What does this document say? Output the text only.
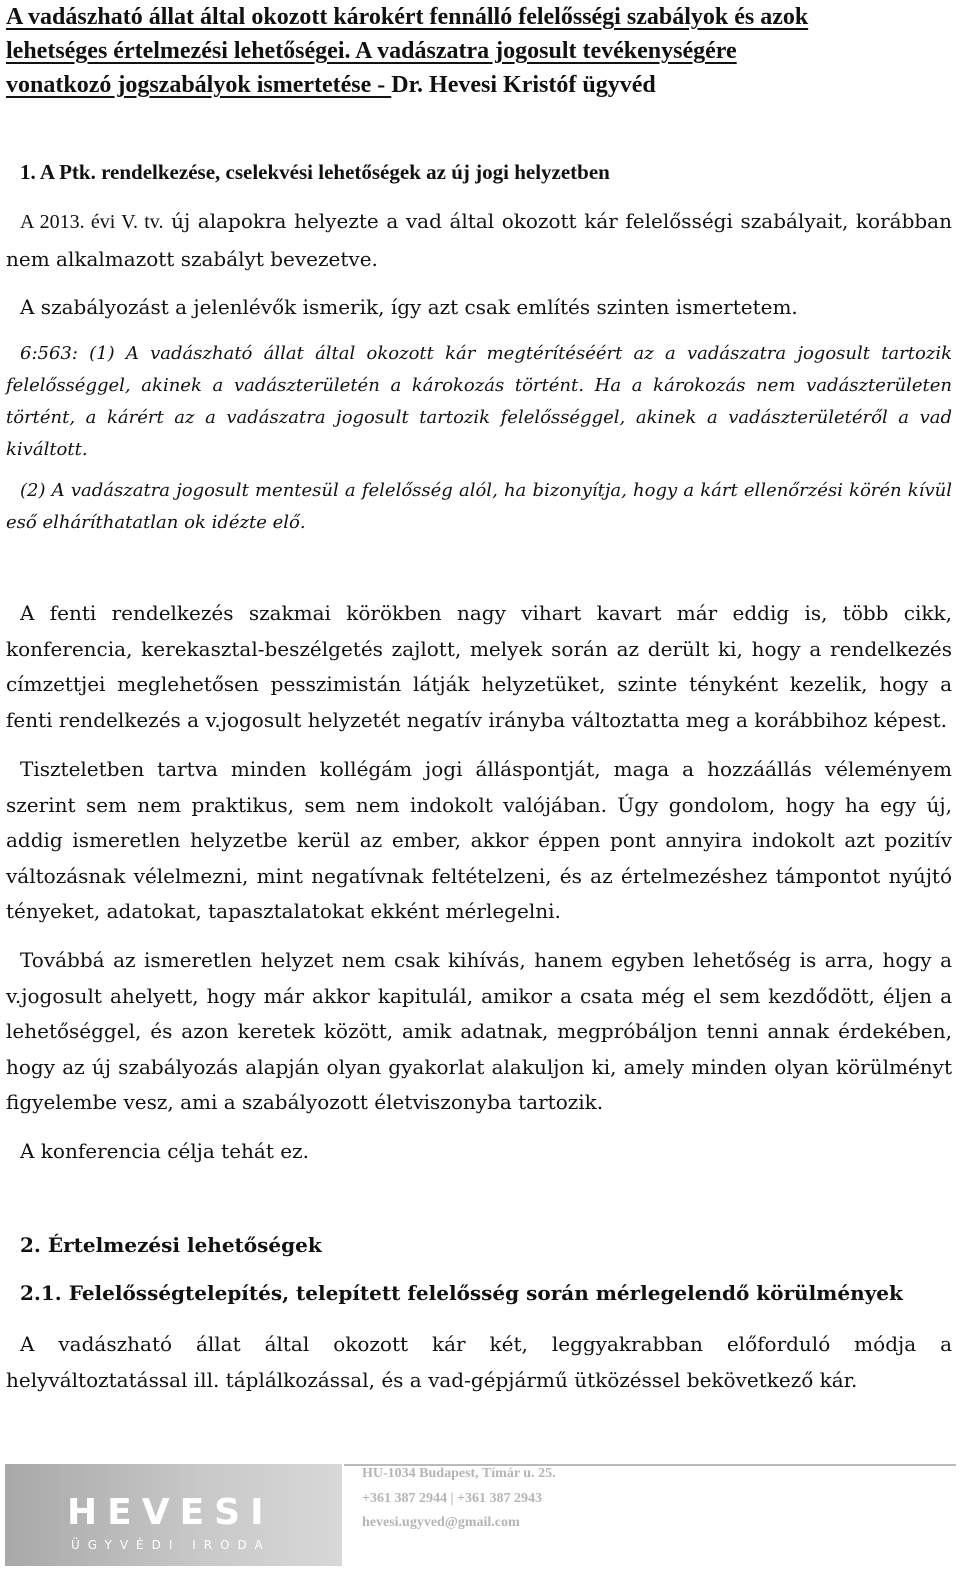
A vadászható állat által okozott károkért fennálló felelősségi szabályok és azok
lehetséges értelmezési lehetőségei. A vadászatra jogosult tevékenységére
vonatkozó jogszabályok ismertetése - Dr. Hevesi Kristóf ügyvéd
1. A Ptk. rendelkezése, cselekvési lehetőségek az új jogi helyzetben
A 2013. évi V. tv. új alapokra helyezte a vad által okozott kár felelősségi szabályait, korábban nem alkalmazott szabályt bevezetve.
A szabályozást a jelenlévők ismerik, így azt csak említés szinten ismertetem.
6:563: (1) A vadászható állat által okozott kár megtérítéséért az a vadászatra jogosult tartozik felelősséggel, akinek a vadászterületén a károkozás történt. Ha a károkozás nem vadászterületen történt, a kárért az a vadászatra jogosult tartozik felelősséggel, akinek a vadászterületéről a vad kiváltott.
(2) A vadászatra jogosult mentesül a felelősség alól, ha bizonyítja, hogy a kárt ellenőrzési körén kívül eső elháríthatatlan ok idézte elő.
A fenti rendelkezés szakmai körökben nagy vihart kavart már eddig is, több cikk, konferencia, kerekasztal-beszélgetés zajlott, melyek során az derült ki, hogy a rendelkezés címzettjei meglehetősen pesszimistán látják helyzetüket, szinte tényként kezelik, hogy a fenti rendelkezés a v.jogosult helyzetét negatív irányba változtatta meg a korábbihoz képest.
Tiszteletben tartva minden kollégám jogi álláspontját, maga a hozzáállás véleményem szerint sem nem praktikus, sem nem indokolt valójában. Úgy gondolom, hogy ha egy új, addig ismeretlen helyzetbe kerül az ember, akkor éppen pont annyira indokolt azt pozitív változásnak vélelmezni, mint negatívnak feltételzeni, és az értelmezéshez támpontot nyújtó tényeket, adatokat, tapasztalatokat ekként mérlegelni.
Továbbá az ismeretlen helyzet nem csak kihívás, hanem egyben lehetőség is arra, hogy a v.jogosult ahelyett, hogy már akkor kapitulál, amikor a csata még el sem kezdődött, éljen a lehetőséggel, és azon keretek között, amik adatnak, megpróbáljon tenni annak érdekében, hogy az új szabályozás alapján olyan gyakorlat alakuljon ki, amely minden olyan körülményt figyelembe vesz, ami a szabályozott életviszonyba tartozik.
A konferencia célja tehát ez.
2. Értelmezési lehetőségek
2.1. Felelősségtelepítés, telepített felelősség során mérlegelendő körülmények
A vadászható állat által okozott kár két, leggyakrabban előforduló módja a helyváltoztatással ill. táplálkozással, és a vad-gépjármű ütközéssel bekövetkező kár.
HEVESI
ÜGYVÉDI IRODA
HU-1034 Budapest, Tímár u. 25.
+361 387 2944 | +361 387 2943
hevesi.ugyved@gmail.com
